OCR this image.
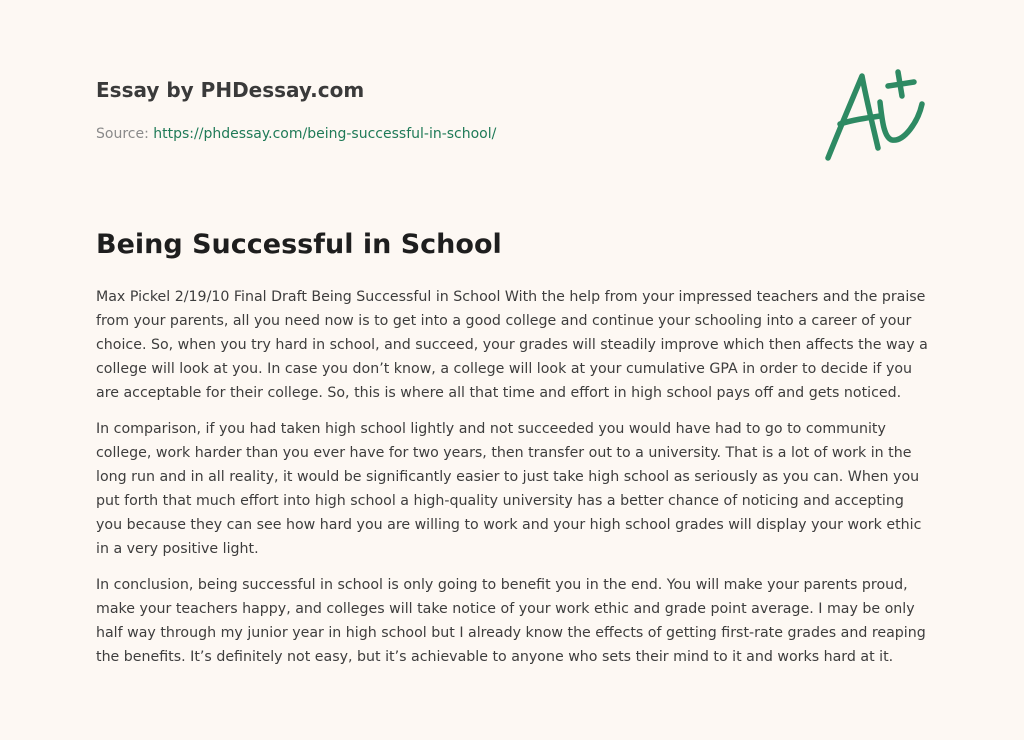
Essay by PHDessay.com
Source: https://phdessay.com/being-successful-in-school/
Being Successful in School

Max Pickel 2/19/10 Final Draft Being Successful in School With the help from your impressed teachers and the praise from your parents, all you need now is to get into a good college and continue your schooling into a career of your choice. So, when you try hard in school, and succeed, your grades will steadily improve which then affects the way a college will look at you. In case you don’t know, a college will look at your cumulative GPA in order to decide if you are acceptable for their college. So, this is where all that time and effort in high school pays off and gets noticed.

In comparison, if you had taken high school lightly and not succeeded you would have had to go to community college, work harder than you ever have for two years, then transfer out to a university. That is a lot of work in the long run and in all reality, it would be significantly easier to just take high school as seriously as you can. When you put forth that much effort into high school a high-quality university has a better chance of noticing and accepting you because they can see how hard you are willing to work and your high school grades will display your work ethic in a very positive light.

In conclusion, being successful in school is only going to benefit you in the end. You will make your parents proud, make your teachers happy, and colleges will take notice of your work ethic and grade point average. I may be only half way through my junior year in high school but I already know the effects of getting first-rate grades and reaping the benefits. It’s definitely not easy, but it’s achievable to anyone who sets their mind to it and works hard at it.
